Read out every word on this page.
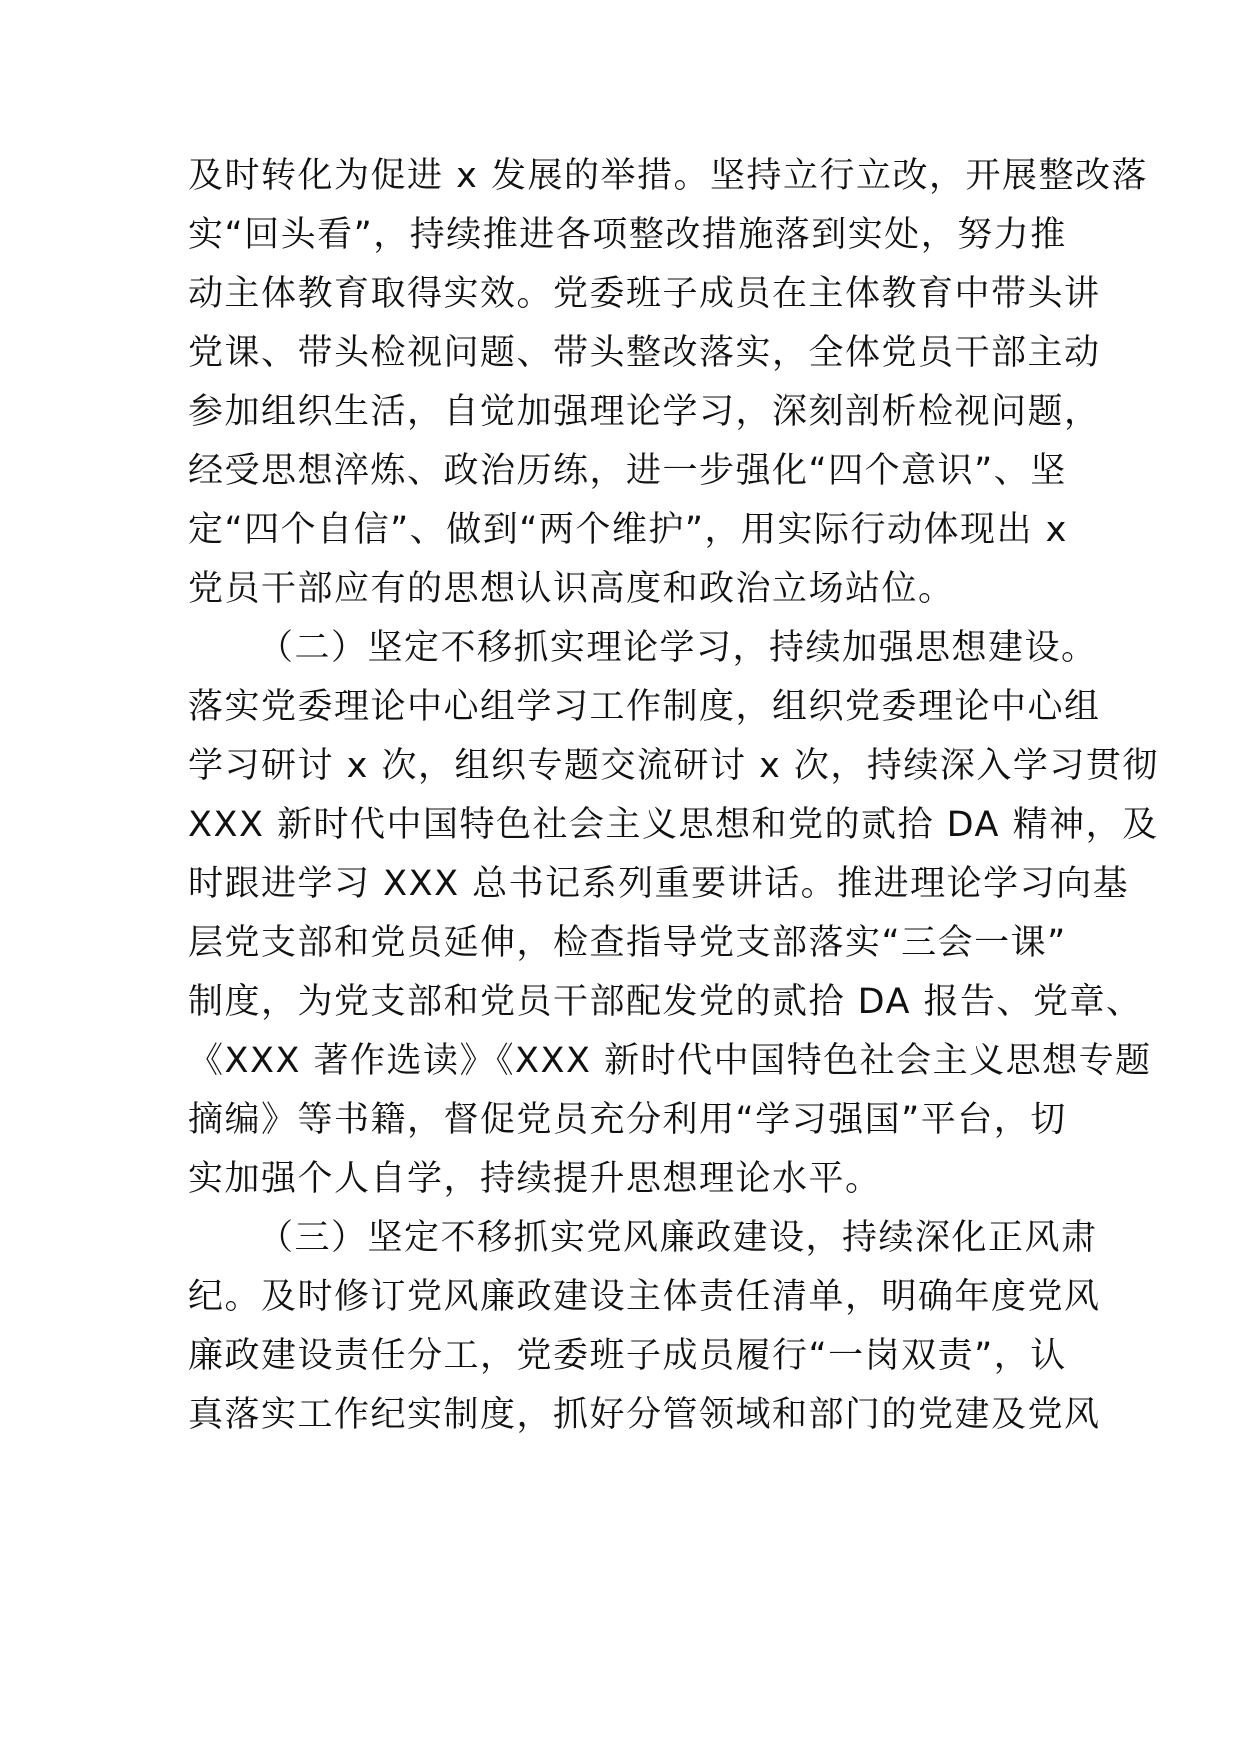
及时转化为促进 x 发展的举措。坚持立行立改，开展整改落
实“回头看”，持续推进各项整改措施落到实处，努力推
动主体教育取得实效。党委班子成员在主体教育中带头讲
党课、带头检视问题、带头整改落实，全体党员干部主动
参加组织生活，自觉加强理论学习，深刻剖析检视问题，
经受思想淬炼、政治历练，进一步强化“四个意识”、坚
定“四个自信”、做到“两个维护”，用实际行动体现出 x
党员干部应有的思想认识高度和政治立场站位。
（二）坚定不移抓实理论学习，持续加强思想建设。
落实党委理论中心组学习工作制度，组织党委理论中心组
学习研讨 x 次，组织专题交流研讨 x 次，持续深入学习贯彻
XXX 新时代中国特色社会主义思想和党的贰拾 DA 精神，及
时跟进学习 XXX 总书记系列重要讲话。推进理论学习向基
层党支部和党员延伸，检查指导党支部落实“三会一课”
制度，为党支部和党员干部配发党的贰拾 DA 报告、党章、
《XXX 著作选读》《XXX 新时代中国特色社会主义思想专题
摘编》等书籍，督促党员充分利用“学习强国”平台，切
实加强个人自学，持续提升思想理论水平。
（三）坚定不移抓实党风廉政建设，持续深化正风肃
纪。及时修订党风廉政建设主体责任清单，明确年度党风
廉政建设责任分工，党委班子成员履行“一岗双责”，认
真落实工作纪实制度，抓好分管领域和部门的党建及党风
